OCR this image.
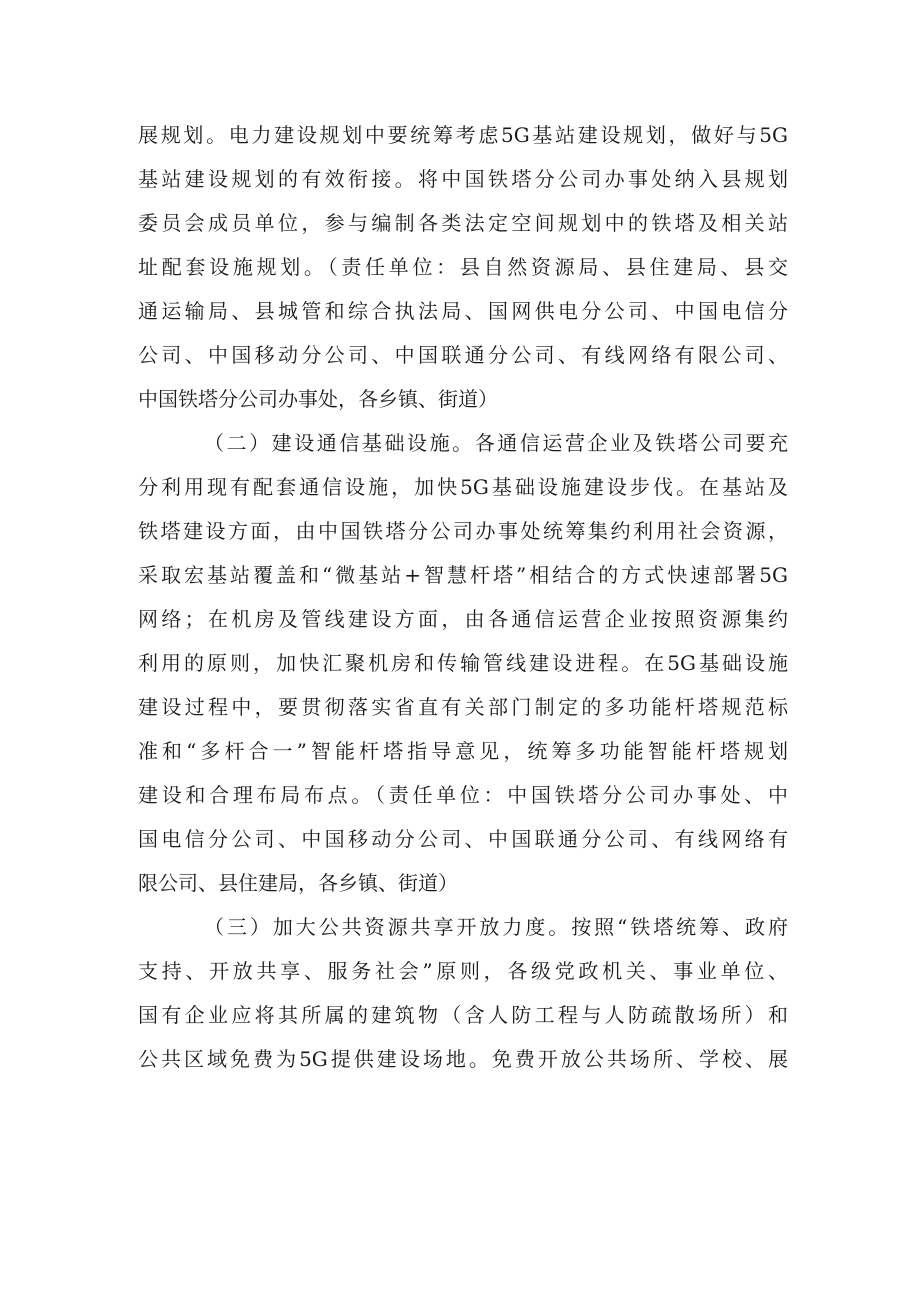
展规划。电力建设规划中要统筹考虑5G基站建设规划，做好与5G
基站建设规划的有效衔接。将中国铁塔分公司办事处纳入县规划
委员会成员单位，参与编制各类法定空间规划中的铁塔及相关站
址配套设施规划。（责任单位：县自然资源局、县住建局、县交
通运输局、县城管和综合执法局、国网供电分公司、中国电信分
公司、中国移动分公司、中国联通分公司、有线网络有限公司、
中国铁塔分公司办事处，各乡镇、街道）
（二）建设通信基础设施。各通信运营企业及铁塔公司要充
分利用现有配套通信设施，加快5G基础设施建设步伐。在基站及
铁塔建设方面，由中国铁塔分公司办事处统筹集约利用社会资源，
采取宏基站覆盖和“微基站+智慧杆塔”相结合的方式快速部署5G
网络；在机房及管线建设方面，由各通信运营企业按照资源集约
利用的原则，加快汇聚机房和传输管线建设进程。在5G基础设施
建设过程中，要贯彻落实省直有关部门制定的多功能杆塔规范标
准和“多杆合一”智能杆塔指导意见，统筹多功能智能杆塔规划
建设和合理布局布点。（责任单位：中国铁塔分公司办事处、中
国电信分公司、中国移动分公司、中国联通分公司、有线网络有
限公司、县住建局，各乡镇、街道）
（三）加大公共资源共享开放力度。按照“铁塔统筹、政府
支持、开放共享、服务社会”原则，各级党政机关、事业单位、
国有企业应将其所属的建筑物（含人防工程与人防疏散场所）和
公共区域免费为5G提供建设场地。免费开放公共场所、学校、展
